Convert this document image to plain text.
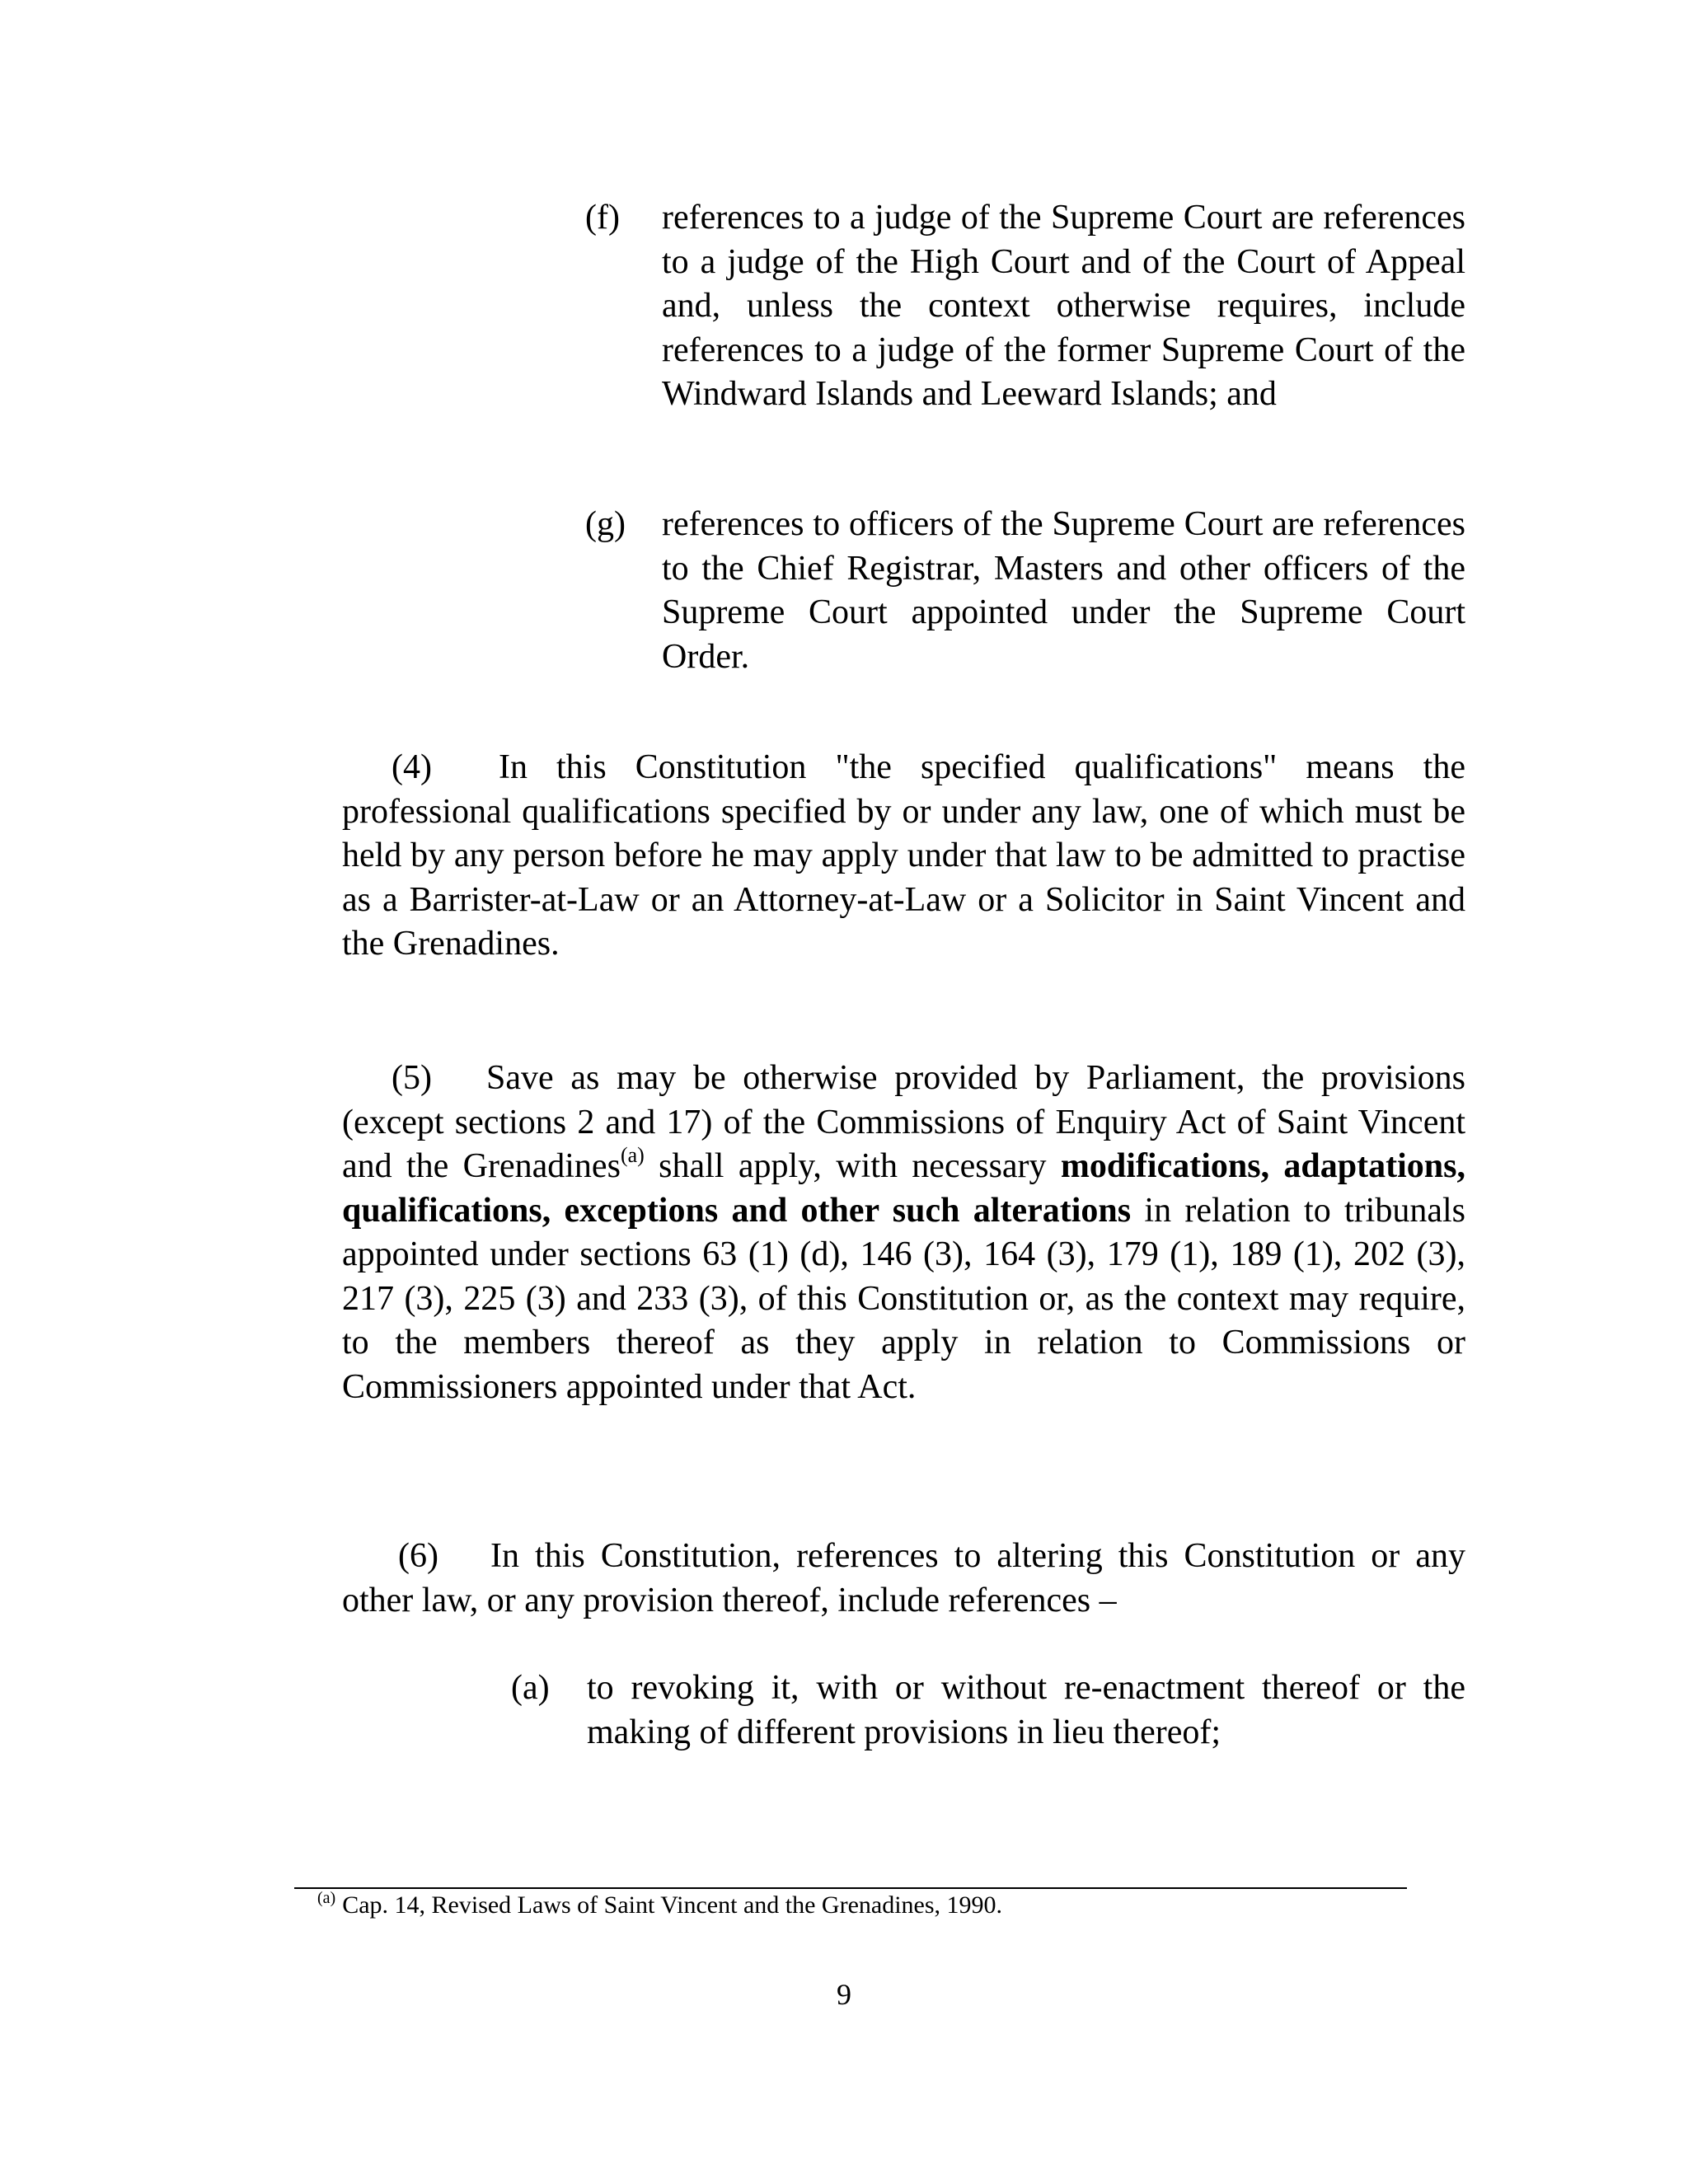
(f) references to a judge of the Supreme Court are references to a judge of the High Court and of the Court of Appeal and, unless the context otherwise requires, include references to a judge of the former Supreme Court of the Windward Islands and Leeward Islands; and
(g) references to officers of the Supreme Court are references to the Chief Registrar, Masters and other officers of the Supreme Court appointed under the Supreme Court Order.
(4) In this Constitution "the specified qualifications" means the professional qualifications specified by or under any law, one of which must be held by any person before he may apply under that law to be admitted to practise as a Barrister-at-Law or an Attorney-at-Law or a Solicitor in Saint Vincent and the Grenadines.
(5) Save as may be otherwise provided by Parliament, the provisions (except sections 2 and 17) of the Commissions of Enquiry Act of Saint Vincent and the Grenadines$^{(a)}$ shall apply, with necessary modifications, adaptations, qualifications, exceptions and other such alterations in relation to tribunals appointed under sections 63 (1) (d), 146 (3), 164 (3), 179 (1), 189 (1), 202 (3), 217 (3), 225 (3) and 233 (3), of this Constitution or, as the context may require, to the members thereof as they apply in relation to Commissions or Commissioners appointed under that Act.
(6) In this Constitution, references to altering this Constitution or any other law, or any provision thereof, include references –
(a) to revoking it, with or without re-enactment thereof or the making of different provisions in lieu thereof;
$^{(a)}$ Cap. 14, Revised Laws of Saint Vincent and the Grenadines, 1990.
9
